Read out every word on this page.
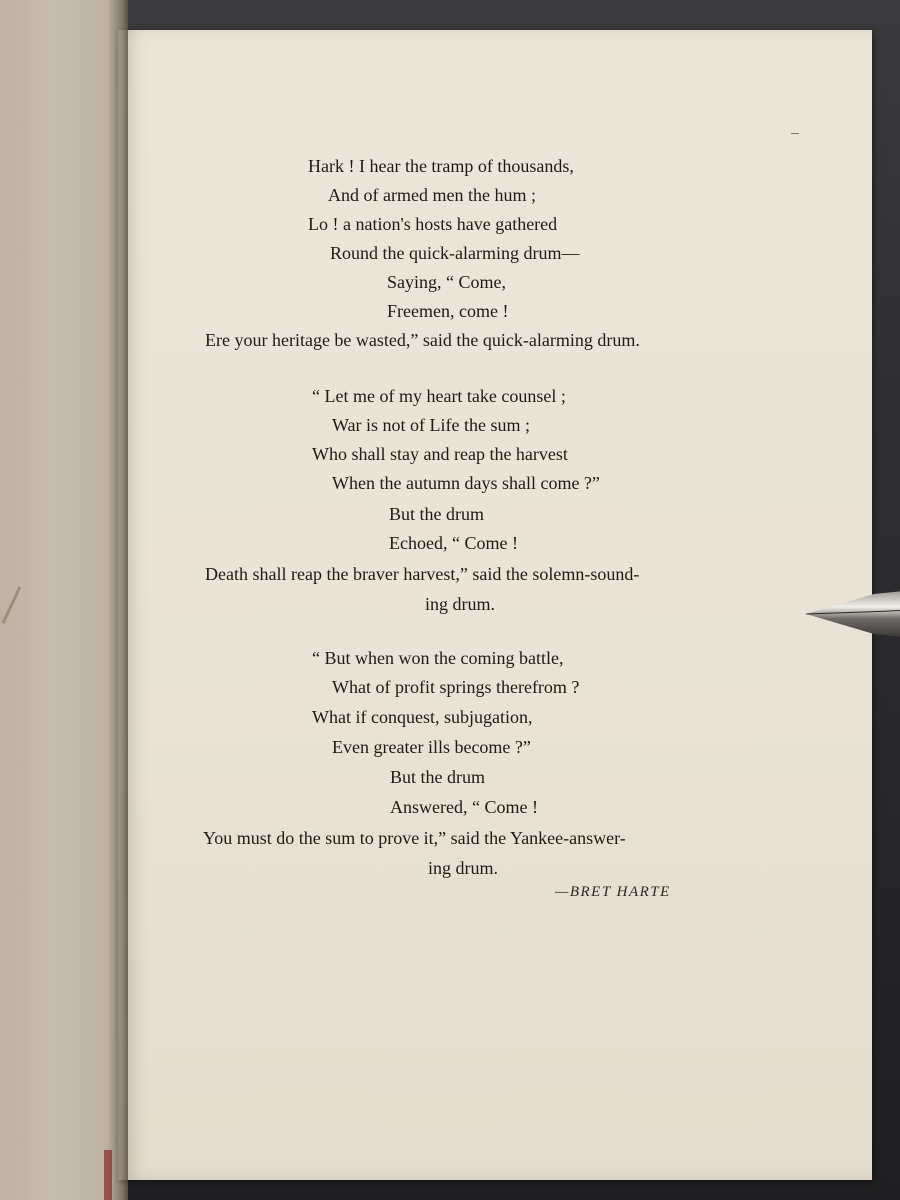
Hark ! I hear the tramp of thousands,
And of armed men the hum ;
Lo ! a nation's hosts have gathered
Round the quick-alarming drum—
Saying, “ Come,
Freemen, come !
Ere your heritage be wasted,” said the quick-alarming drum.
“ Let me of my heart take counsel ;
War is not of Life the sum ;
Who shall stay and reap the harvest
When the autumn days shall come ?”
But the drum
Echoed, “ Come !
Death shall reap the braver harvest,” said the solemn-sound-
ing drum.
“ But when won the coming battle,
What of profit springs therefrom ?
What if conquest, subjugation,
Even greater ills become ?”
But the drum
Answered, “ Come !
You must do the sum to prove it,” said the Yankee-answer-
ing drum.
—BRET HARTE
